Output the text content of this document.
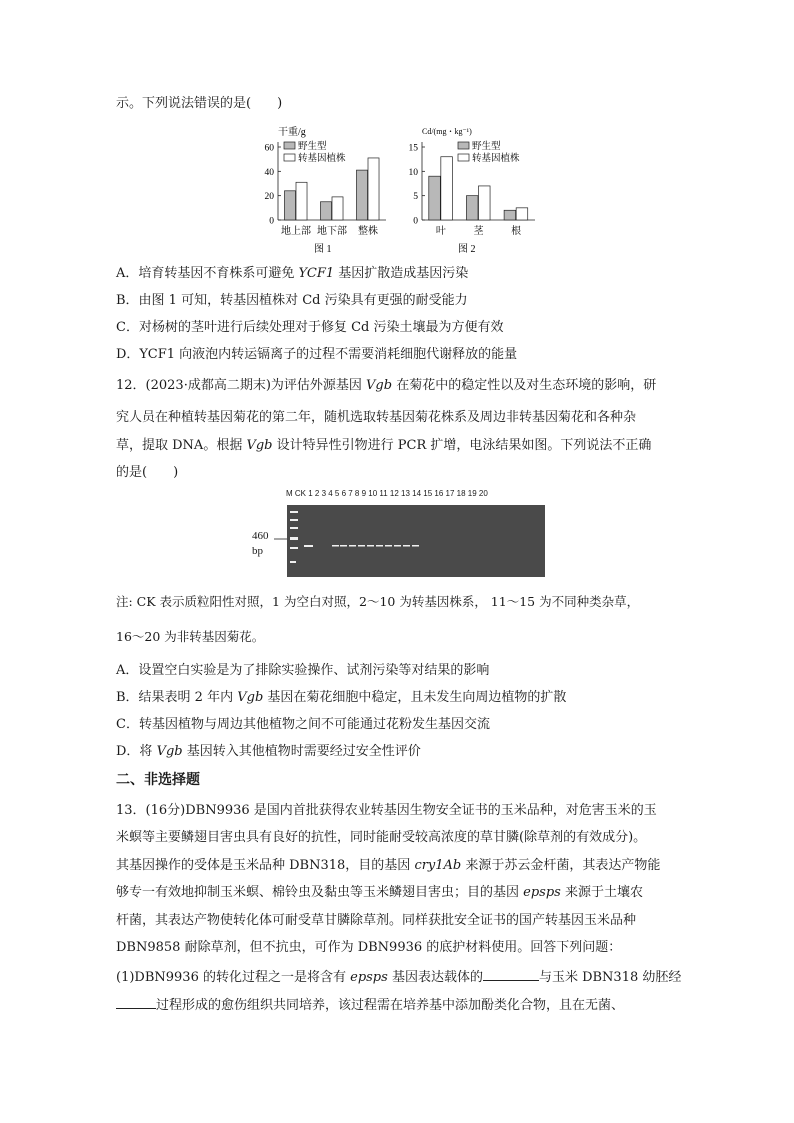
示。下列说法错误的是(　　)
干重/g
60
40
20
0
野生型
转基因植株
地上部 地下部 整株
图 1
Cd/(mg・kg⁻¹)
15
10
5
0
野生型
转基因植株
叶	茎	根
图 2
A．培育转基因不育株系可避免 YCF1 基因扩散造成基因污染
B．由图 1 可知，转基因植株对 Cd 污染具有更强的耐受能力
C．对杨树的茎叶进行后续处理对于修复 Cd 污染土壤最为方便有效
D．YCF1 向液泡内转运镉离子的过程不需要消耗细胞代谢释放的能量
12．(2023·成都高二期末)为评估外源基因 Vgb 在菊花中的稳定性以及对生态环境的影响，研
究人员在种植转基因菊花的第二年，随机选取转基因菊花株系及周边非转基因菊花和各种杂
草，提取 DNA。根据 Vgb 设计特异性引物进行 PCR 扩增，电泳结果如图。下列说法不正确
的是(　　)
M CK 1 2 3 4 5 6 7 8 9 10 11 12 13 14 15 16 17 18 19 20
460
bp
注: CK 表示质粒阳性对照，1 为空白对照，2～10 为转基因株系， 11～15 为不同种类杂草，
16～20 为非转基因菊花。
A．设置空白实验是为了排除实验操作、试剂污染等对结果的影响
B．结果表明 2 年内 Vgb 基因在菊花细胞中稳定，且未发生向周边植物的扩散
C．转基因植物与周边其他植物之间不可能通过花粉发生基因交流
D．将 Vgb 基因转入其他植物时需要经过安全性评价
二、非选择题
13．(16分)DBN9936 是国内首批获得农业转基因生物安全证书的玉米品种，对危害玉米的玉
米螟等主要鳞翅目害虫具有良好的抗性，同时能耐受较高浓度的草甘膦(除草剂的有效成分)。
其基因操作的受体是玉米品种 DBN318，目的基因 cry1Ab 来源于苏云金杆菌，其表达产物能
够专一有效地抑制玉米螟、棉铃虫及黏虫等玉米鳞翅目害虫；目的基因 epsps 来源于土壤农
杆菌，其表达产物使转化体可耐受草甘膦除草剂。同样获批安全证书的国产转基因玉米品种
DBN9858 耐除草剂，但不抗虫，可作为 DBN9936 的底护材料使用。回答下列问题：
(1)DBN9936 的转化过程之一是将含有 epsps 基因表达载体的	与玉米 DBN318 幼胚经
过程形成的愈伤组织共同培养，该过程需在培养基中添加酚类化合物，且在无菌、
